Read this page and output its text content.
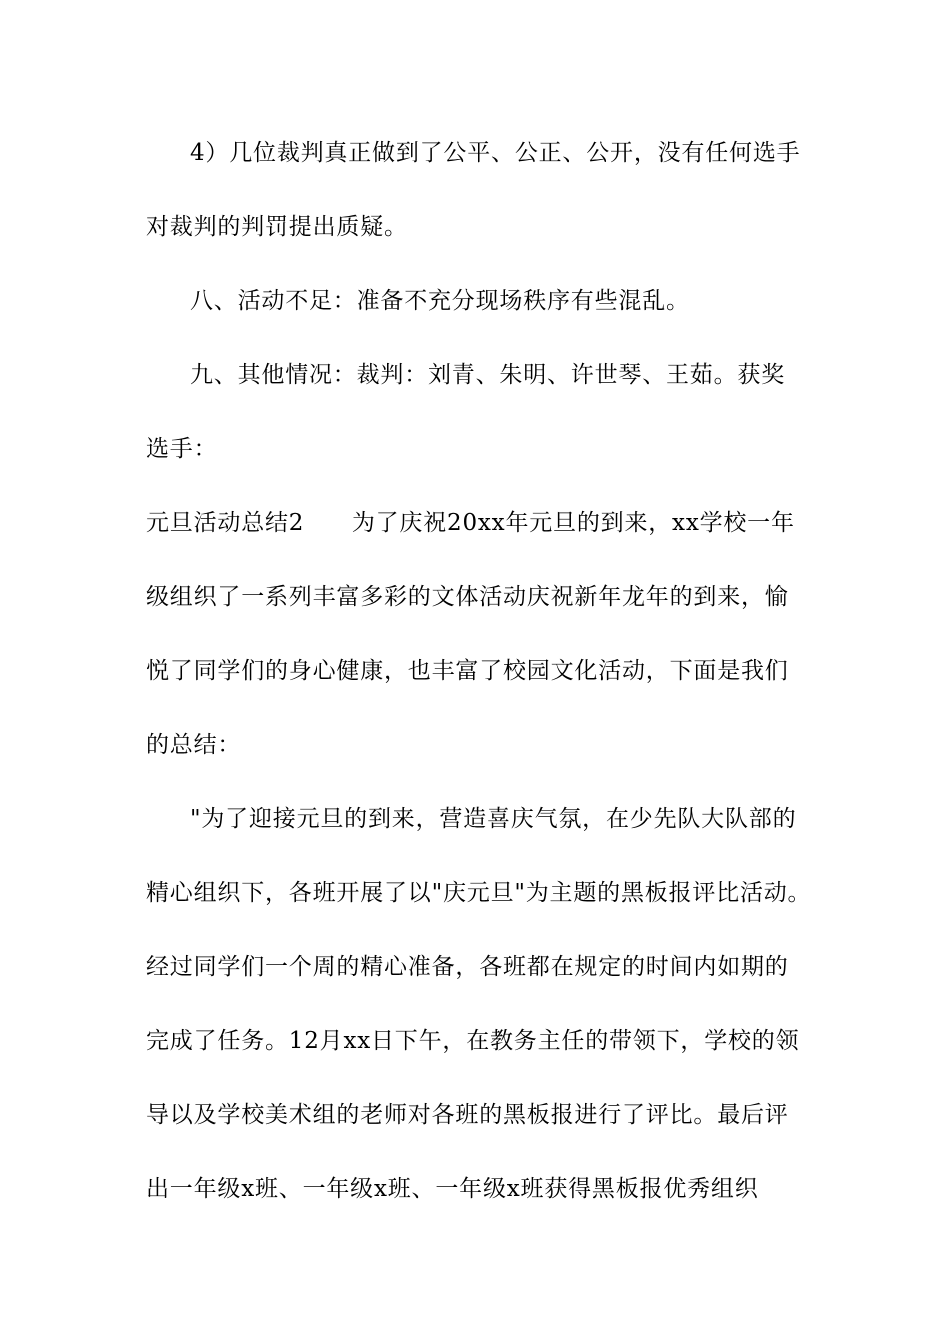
4）几位裁判真正做到了公平、公正、公开，没有任何选手
对裁判的判罚提出质疑。
八、活动不足：准备不充分现场秩序有些混乱。
九、其他情况：裁判：刘青、朱明、许世琴、王茹。获奖
选手：
元旦活动总结2　　为了庆祝20xx年元旦的到来，xx学校一年
级组织了一系列丰富多彩的文体活动庆祝新年龙年的到来，愉
悦了同学们的身心健康，也丰富了校园文化活动，下面是我们
的总结：
"为了迎接元旦的到来，营造喜庆气氛，在少先队大队部的
精心组织下，各班开展了以"庆元旦"为主题的黑板报评比活动。
经过同学们一个周的精心准备，各班都在规定的时间内如期的
完成了任务。12月xx日下午，在教务主任的带领下，学校的领
导以及学校美术组的老师对各班的黑板报进行了评比。最后评
出一年级x班、一年级x班、一年级x班获得黑板报优秀组织
